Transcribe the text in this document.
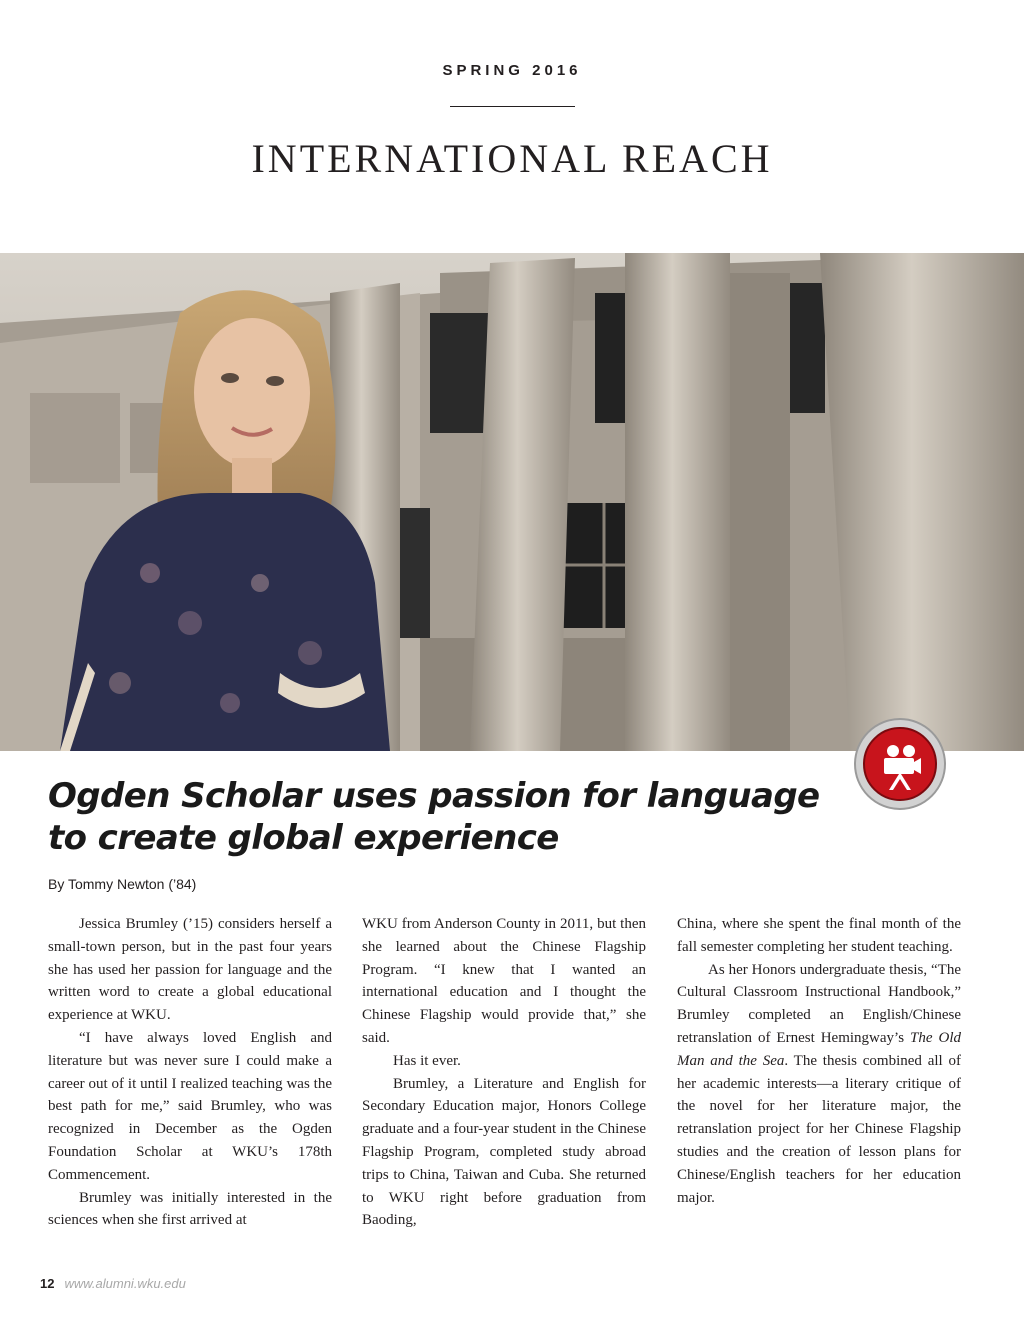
SPRING 2016
INTERNATIONAL REACH
Ogden Scholar uses passion for language
to create global experience
By Tommy Newton (’84)

Jessica Brumley (’15) considers herself a small-town person, but in the past four years she has used her passion for language and the written word to create a global educational experience at WKU.

“I have always loved English and literature but was never sure I could make a career out of it until I realized teaching was the best path for me,” said Brumley, who was recognized in December as the Ogden Foundation Scholar at WKU’s 178th Commencement.

Brumley was initially interested in the sciences when she first arrived at

WKU from Anderson County in 2011, but then she learned about the Chinese Flagship Program. “I knew that I wanted an international education and I thought the Chinese Flagship would provide that,” she said.

Has it ever.

Brumley, a Literature and English for Secondary Education major, Honors College graduate and a four-year student in the Chinese Flagship Program, completed study abroad trips to China, Taiwan and Cuba. She returned to WKU right before graduation from Baoding,

China, where she spent the final month of the fall semester completing her student teaching.

As her Honors undergraduate thesis, “The Cultural Classroom Instructional Handbook,” Brumley completed an English/Chinese retranslation of Ernest Hemingway’s The Old Man and the Sea. The thesis combined all of her academic interests—a literary critique of the novel for her literature major, the retranslation project for her Chinese Flagship studies and the creation of lesson plans for Chinese/English teachers for her education major.

12 www.alumni.wku.edu
